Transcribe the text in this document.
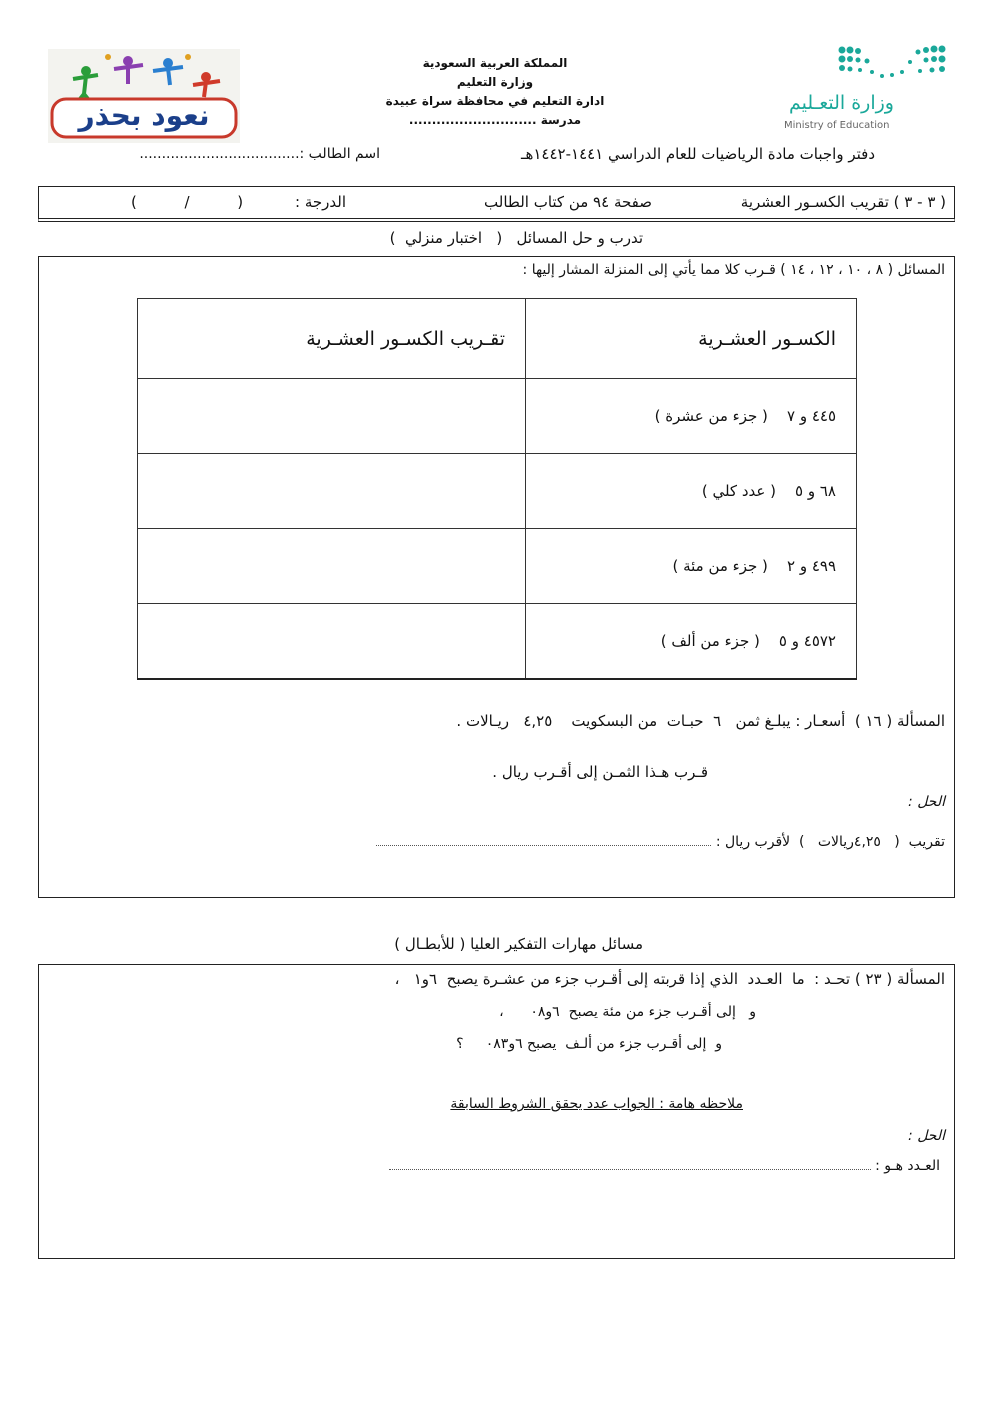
نعود بحذر
المملكة العربية السعودية
وزارة التعليم
ادارة التعليم في محافظة سراة عبيدة
مدرسة ............................
وزارة التعـليم
Ministry of Education
دفتر واجبات مادة الرياضيات للعام الدراسي ١٤٤١-١٤٤٢هـ
اسم الطالب :....................................
( ٣ - ٣ ) تقريب الكسـور العشرية
صفحة ٩٤ من كتاب الطالب
الدرجة :
(          /          )
تدرب و حل المسائل   (   اختبار منزلي  )
المسائل ( ٨ ، ١٠ ، ١٢ ، ١٤ ) قـرب كلا مما يأتي إلى المنزلة المشار إليها :
الكسـور العشـرية	تقـريب الكسـور العشـرية
٤٤٥ و ٧    ( جزء من عشرة )	
٦٨ و ٥    ( عدد كلي )	
٤٩٩ و ٢    ( جزء من مئة )	
٤٥٧٢ و ٥    ( جزء من ألف )	
المسألة ( ١٦ )  أسعـار : يبلـغ ثمن   ٦  حبـات  من البسكويت    ٤,٢٥   ريـالات .
قـرب هـذا الثمـن إلى أقـرب ريال .
الحل :
تقريب  (   ٤,٢٥ريالات   )  لأقرب ريال :
مسائل مهارات التفكير العليا ( للأبطـال )
المسألة ( ٢٣ ) تحـد :  ما  العـدد  الذي إذا قربته إلى أقـرب جزء من عشـرة يصبح  ٦و١   ،
و   إلى أقـرب جزء من مئة يصبح  ٦و٠٨      ،
و  إلى أقـرب جزء من ألـف  يصبح ٦و٠٨٣     ؟
ملاحظه هامة : الجواب عدد يحقق الشروط السابقة
الحل :
العـدد هـو :
